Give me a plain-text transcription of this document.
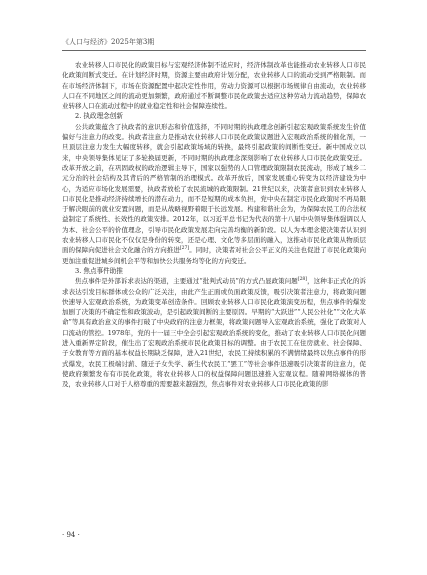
《人口与经济》2025年第3期

农业转移人口市民化的政策目标与宏观经济体制不适应时，经济体制改革也能推动农业转移人口市民化政策间断式变迁。在计划经济时期，资源主要由政府计划分配，农业转移人口的流动受到严格限制。而在市场经济体制下，市场在资源配置中起决定性作用，劳动力资源可以根据市场规律自由流动，农业转移人口在不同地区之间的流动更加频繁，政府通过不断调整市民化政策去适应这种劳动力流动趋势，保障农业转移人口在流动过程中的就业稳定性和社会保障连续性。

2. 执政理念创新

公共政策蕴含了执政者的意识形态和价值选择，不同时期的执政理念创新引起宏观政策系统发生价值偏好与注意力的改变。执政者注意力是推动农业转移人口市民化政策议题进入宏观政治系统的催化剂，一旦顶层注意力发生大幅度转移，就会引起政策场域的转换，最终引起政策的间断性变迁。新中国成立以来，中央领导集体见证了多轮换届更新，不同时期的执政理念深刻影响了农业转移人口市民化政策变迁。改革开放之前，在巩固政权的政治逻辑主导下，国家以强势的人口管理政策限制农民流动，形成了城乡二元分治的社会结构及其背后的严格管制的治理模式。改革开放后，国家发展重心转变为以经济建设为中心，为适应市场化发展需要，执政者放松了农民流城的政策限制。21世纪以来，决策者意识到农业转移人口市民化是推动经济持续增长的潜在动力，而不是短期的成本负担，党中央在制定市民化政策时不再局限于解决眼前的就业安置问题，而是从战略视野着眼于长远发展。构建和谐社会为，为保障农民工的合法权益制定了系统性、长效性的政策安排。2012年，以习近平总书记为代表的第十八届中央领导集体强调以人为本、社会公平的价值理念，引导市民化政策发展走向完善均衡的新阶段。以人为本理念使决策者认识到农业转移人口市民化不仅仅是身份的转变，还是心理、文化等多层面的融入，这推动市民化政策从物质层面的保障向促进社会文化融合的方向推进[27]。同时，决策者对社会公平正义的关注也促进了市民化政策向更加注重促进城乡间机会平等和加快公共服务均等化的方向变迁。

3. 焦点事件助推

焦点事件是外部诉求表达的渠道，主要通过“批判式动员”的方式凸显政策问题[28]，这种非正式化的诉求表达引发目标群体或公众的广泛关注，由此产生正面或负面政策反馈，吸引决策者注意力，将政策问题快速导入宏观政治系统，为政策变革创造条件。回顾农业转移人口市民化政策演变历程，焦点事件的爆发加剧了决策的不确定性和政策波动，是引起政策间断的主要原因。早期的“大跃进”“人民公社化”“文化大革命”等具有政治意义的事件打破了中央政府的注意力框架，将政策问题导入宏观政治系统，强化了政策对人口流动的管控。1978年，党的十一届三中全会引起宏观政治系统的变化，推动了农业转移人口市民化问题进入重新界定阶段，催生出了宏观政治系统市民化政策目标的调整。由于农民工在住房就业、社会保障、子女教育等方面的基本权益长期缺乏保障，进入21世纪，农民工持续积累的不满情绪最终以焦点事件的形式爆发，农民工极端讨薪、随迁子女失学、新生代农民工“罢工”等社会事件迅速吸引决策者的注意力，促使政府频繁发布有市民化政策，将农业转移人口的权益保障问题迅速推入宏观议程。随着网络媒体的普及，农业转移人口对于人格尊重的需要越来越强烈，焦点事件对农业转移人口市民化政策的影

· 94 ·
